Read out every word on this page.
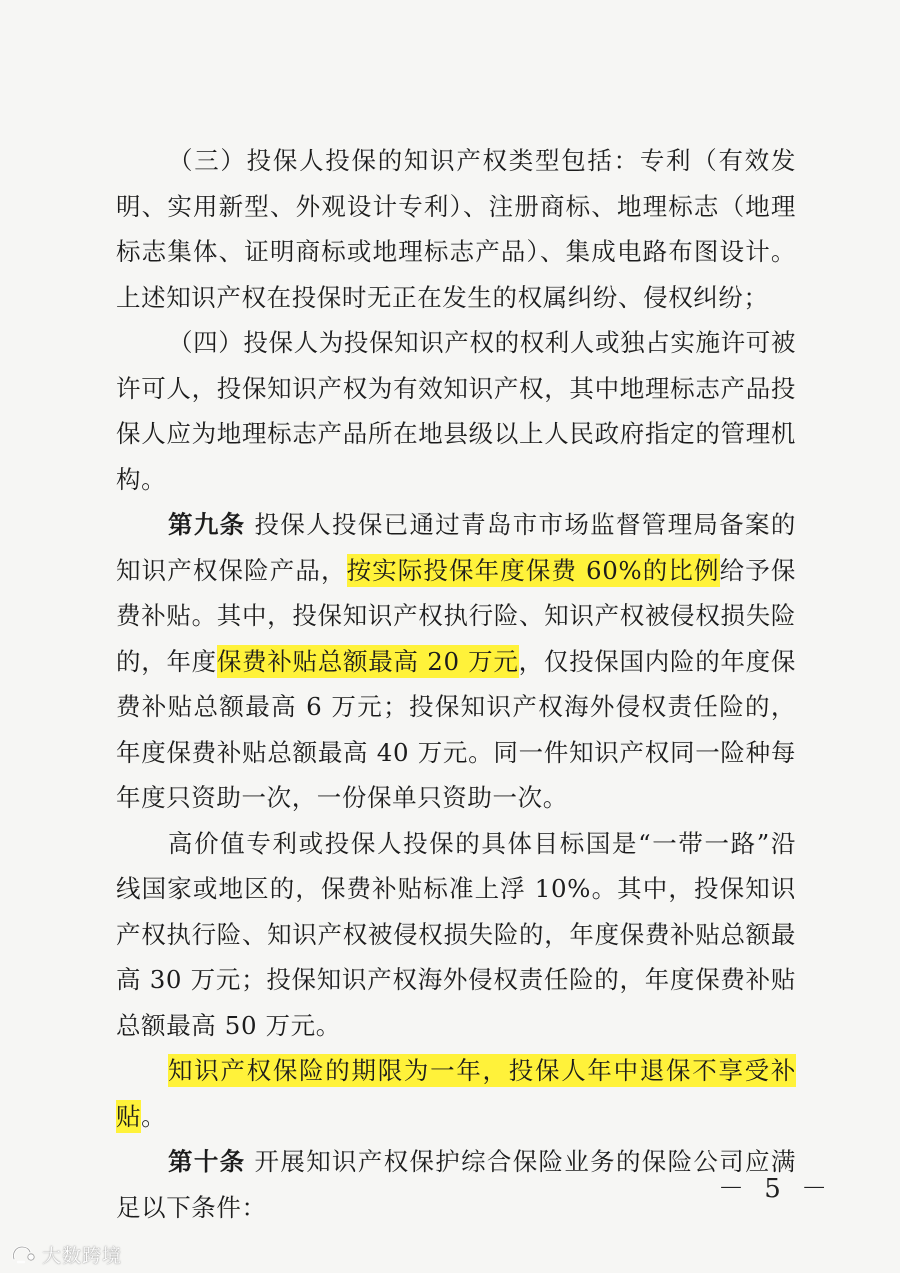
（三）投保人投保的知识产权类型包括：专利（有效发明、实用新型、外观设计专利）、注册商标、地理标志（地理标志集体、证明商标或地理标志产品）、集成电路布图设计。上述知识产权在投保时无正在发生的权属纠纷、侵权纠纷；

（四）投保人为投保知识产权的权利人或独占实施许可被许可人，投保知识产权为有效知识产权，其中地理标志产品投保人应为地理标志产品所在地县级以上人民政府指定的管理机构。

第九条 投保人投保已通过青岛市市场监督管理局备案的知识产权保险产品，按实际投保年度保费 60%的比例给予保费补贴。其中，投保知识产权执行险、知识产权被侵权损失险的，年度保费补贴总额最高 20 万元，仅投保国内险的年度保费补贴总额最高 6 万元；投保知识产权海外侵权责任险的，年度保费补贴总额最高 40 万元。同一件知识产权同一险种每年度只资助一次，一份保单只资助一次。

高价值专利或投保人投保的具体目标国是“一带一路”沿线国家或地区的，保费补贴标准上浮 10%。其中，投保知识产权执行险、知识产权被侵权损失险的，年度保费补贴总额最高 30 万元；投保知识产权海外侵权责任险的，年度保费补贴总额最高 50 万元。

知识产权保险的期限为一年，投保人年中退保不享受补贴。

第十条 开展知识产权保护综合保险业务的保险公司应满足以下条件：

－ 5 －
大数跨境
